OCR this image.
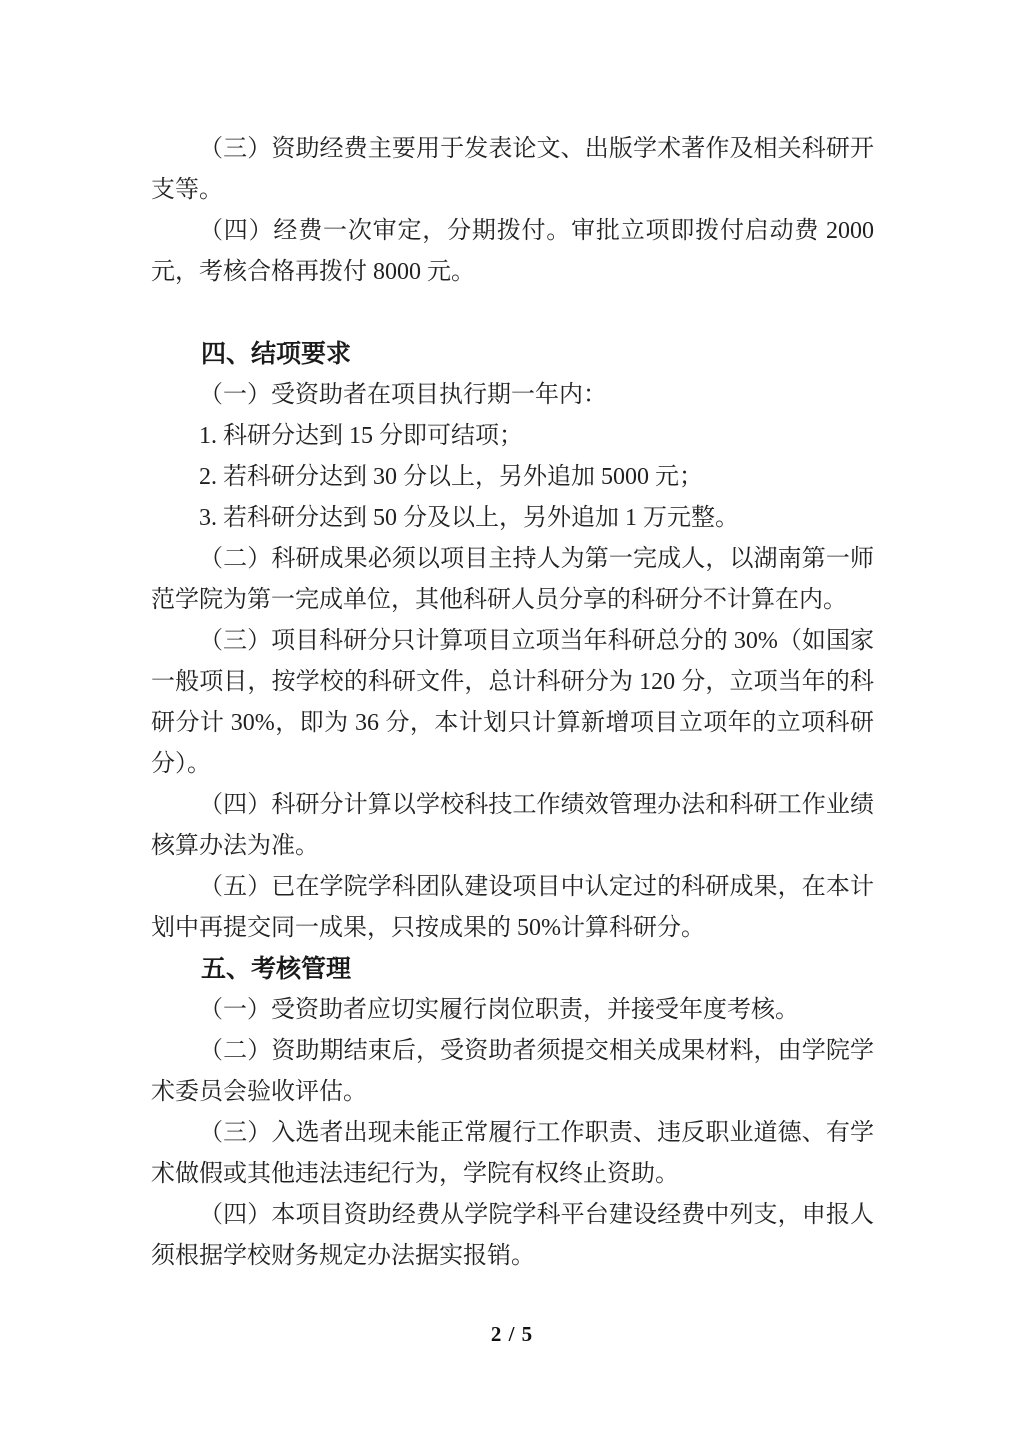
（三）资助经费主要用于发表论文、出版学术著作及相关科研开支等。

（四）经费一次审定，分期拨付。审批立项即拨付启动费 2000 元，考核合格再拨付 8000 元。

四、结项要求

（一）受资助者在项目执行期一年内：

1. 科研分达到 15 分即可结项；

2. 若科研分达到 30 分以上，另外追加 5000 元；

3. 若科研分达到 50 分及以上，另外追加 1 万元整。

（二）科研成果必须以项目主持人为第一完成人，以湖南第一师范学院为第一完成单位，其他科研人员分享的科研分不计算在内。

（三）项目科研分只计算项目立项当年科研总分的 30%（如国家一般项目，按学校的科研文件，总计科研分为 120 分，立项当年的科研分计 30%，即为 36 分，本计划只计算新增项目立项年的立项科研分）。

（四）科研分计算以学校科技工作绩效管理办法和科研工作业绩核算办法为准。

（五）已在学院学科团队建设项目中认定过的科研成果，在本计划中再提交同一成果，只按成果的 50%计算科研分。

五、考核管理

（一）受资助者应切实履行岗位职责，并接受年度考核。

（二）资助期结束后，受资助者须提交相关成果材料，由学院学术委员会验收评估。

（三）入选者出现未能正常履行工作职责、违反职业道德、有学术做假或其他违法违纪行为，学院有权终止资助。

（四）本项目资助经费从学院学科平台建设经费中列支，申报人须根据学校财务规定办法据实报销。

2 / 5
